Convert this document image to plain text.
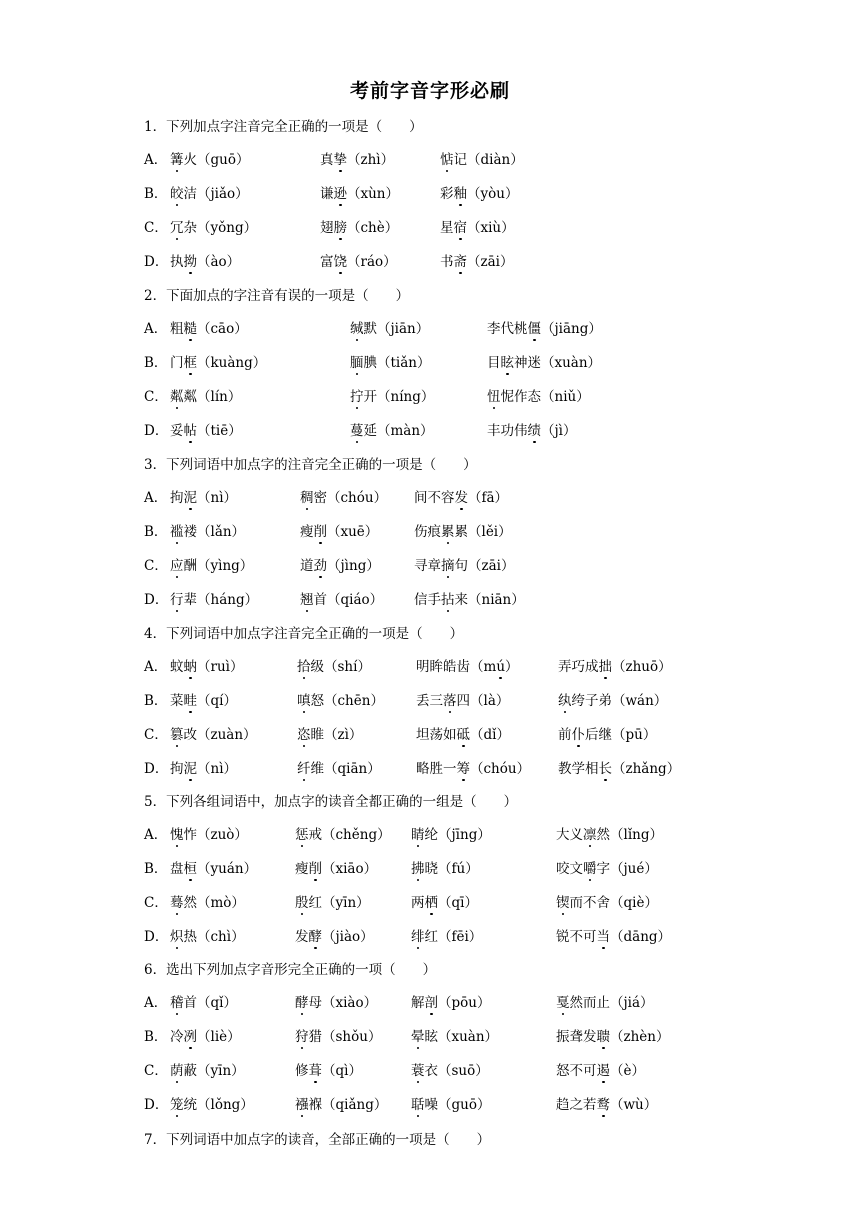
考前字音字形必刷
1．下列加点字注音完全正确的一项是（　　）
A． 篝火（guō）	真挚（zhì）	惦记（diàn）
B． 皎洁（jiǎo）	谦逊（xùn）	彩釉（yòu）
C． 冗杂（yǒng）	翅膀（chè）	星宿（xiù）
D． 执拗（ào）	富饶（ráo）	书斋（zāi）
2．下面加点的字注音有误的一项是（　　）
A． 粗糙（cāo）	缄默（jiān）	李代桃僵（jiāng）
B． 门框（kuàng）	腼腆（tiǎn）	目眩神迷（xuàn）
C． 粼粼（lín）	拧开（níng）	忸怩作态（niǔ）
D． 妥帖（tiē）	蔓延（màn）	丰功伟绩（jì）
3．下列词语中加点字的注音完全正确的一项是（　　）
A． 拘泥（nì）	稠密（chóu） 间不容发（fā）
B． 褴褛（lǎn）	瘦削（xuē）	伤痕累累（lěi）
C． 应酬（yìng）	道劲（jìng）	寻章摘句（zāi）
D． 行辈（háng）	翘首（qiáo） 信手拈来（niān）
4．下列词语中加点字注音完全正确的一项是（　　）
A． 蚊蚋（ruì）	拾级（shí）	明眸皓齿（mú）	弄巧成拙（zhuō）
B． 菜畦（qí）	嗔怒（chēn） 丢三落四（là）	纨绔子弟（wán）
C． 篡改（zuàn）	恣睢（zì）	坦荡如砥（dǐ）	前仆后继（pū）
D． 拘泥（nì）	纤维（qiān）	略胜一筹（chóu） 教学相长（zhǎng）
5．下列各组词语中，加点字的读音全都正确的一组是（　　）
A． 愧怍（zuò）	惩戒（chěng） 睛纶（jīng）	大义凛然（lǐng）
B． 盘桓（yuán）	瘦削（xiāo）	拂晓（fú）	咬文嚼字（jué）
C． 蓦然（mò）	殷红（yīn）	两栖（qī）	锲而不舍（qiè）
D． 炽热（chì）	发酵（jiào）	绯红（fēi）	锐不可当（dāng）
6．选出下列加点字音形完全正确的一项（　　）
A． 稽首（qǐ）	酵母（xiào）	解剖（pōu）	戛然而止（jiá）
B． 冷冽（liè）	狩猎（shǒu） 晕眩（xuàn）	振聋发聩（zhèn）
C． 荫蔽（yīn）	修葺（qì）	蓑衣（suō）	怒不可遏（è）
D． 笼统（lǒng）	襁褓（qiǎng） 聒噪（guō）	趋之若鹜（wù）
7．下列词语中加点字的读音，全部正确的一项是（　　）
